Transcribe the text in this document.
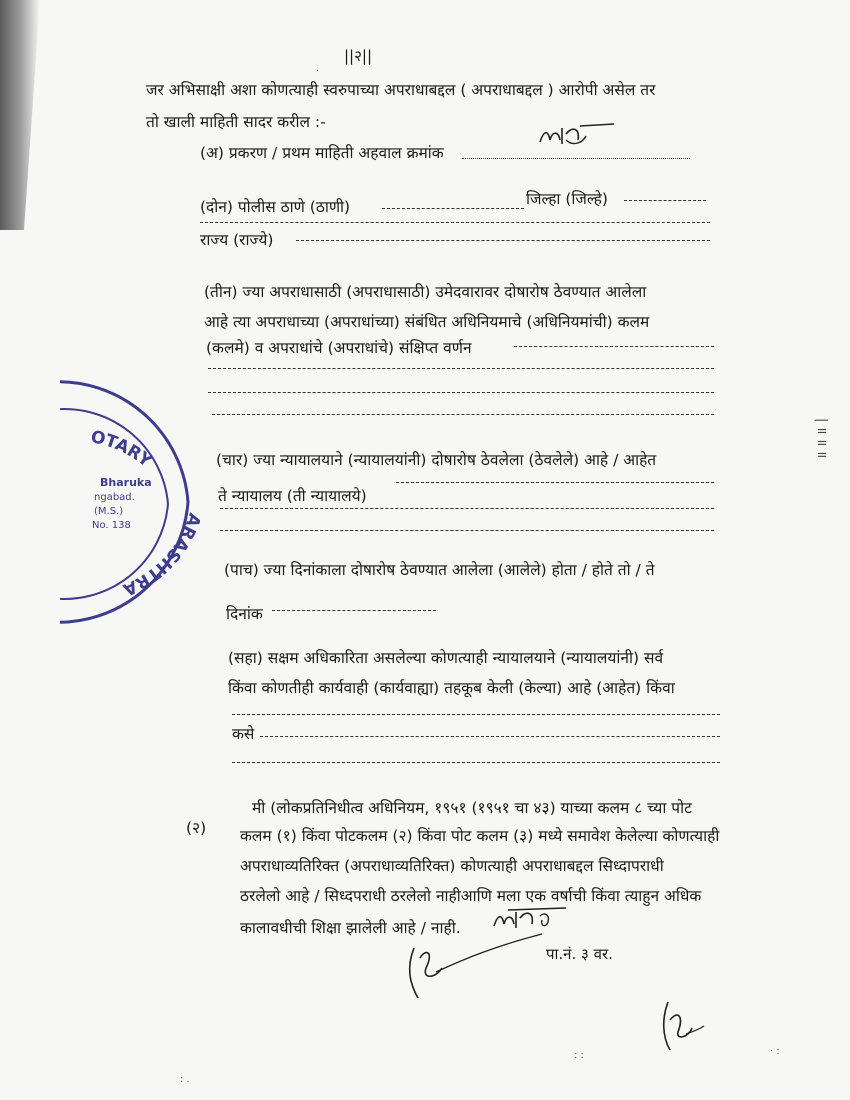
||२||
जर अभिसाक्षी अशा कोणत्याही स्वरुपाच्या अपराधाबद्दल ( अपराधाबद्दल ) आरोपी असेल तर
तो खाली माहिती सादर करील :-
(अ) प्रकरण / प्रथम माहिती अहवाल क्रमांक
(दोन) पोलीस ठाणे (ठाणी)	जिल्हा (जिल्हे)
राज्य (राज्ये)
(तीन) ज्या अपराधासाठी (अपराधासाठी) उमेदवारावर दोषारोष ठेवण्यात आलेला
आहे त्या अपराधाच्या (अपराधांच्या) संबंधित अधिनियमाचे (अधिनियमांची) कलम
(कलमे) व अपराधांचे (अपराधांचे) संक्षिप्त वर्णन
(चार) ज्या न्यायालयाने (न्यायालयांनी) दोषारोष ठेवलेला (ठेवलेले) आहे / आहेत
ते न्यायालय (ती न्यायालये)
(पाच) ज्या दिनांकाला दोषारोष ठेवण्यात आलेला (आलेले) होता / होते तो / ते
दिनांक
(सहा) सक्षम अधिकारिता असलेल्या कोणत्याही न्यायालयाने (न्यायालयांनी) सर्व
किंवा कोणतीही कार्यवाही (कार्यवाह्या) तहकूब केली (केल्या) आहे (आहेत) किंवा
कसे
(२)
मी (लोकप्रतिनिधीत्व अधिनियम, १९५१ (१९५१ चा ४३) याच्या कलम ८ च्या पोट
कलम (१) किंवा पोटकलम (२) किंवा पोट कलम (३) मध्ये समावेश केलेल्या कोणत्याही
अपराधाव्यतिरिक्त (अपराधाव्यतिरिक्त) कोणत्याही अपराधाबद्दल सिध्दापराधी
ठरलेलो आहे / सिध्दपराधी ठरलेलो नाहीआणि मला एक वर्षाची किंवा त्याहुन अधिक
कालावधीची शिक्षा झालेली आहे / नाही.
पा.नं. ३ वर.
OTARY
RASHTRA
Bharuka
ngabad.
(M.S.)
No. 138
| ॥ ॥ ॥
·
: .
: :	· :
